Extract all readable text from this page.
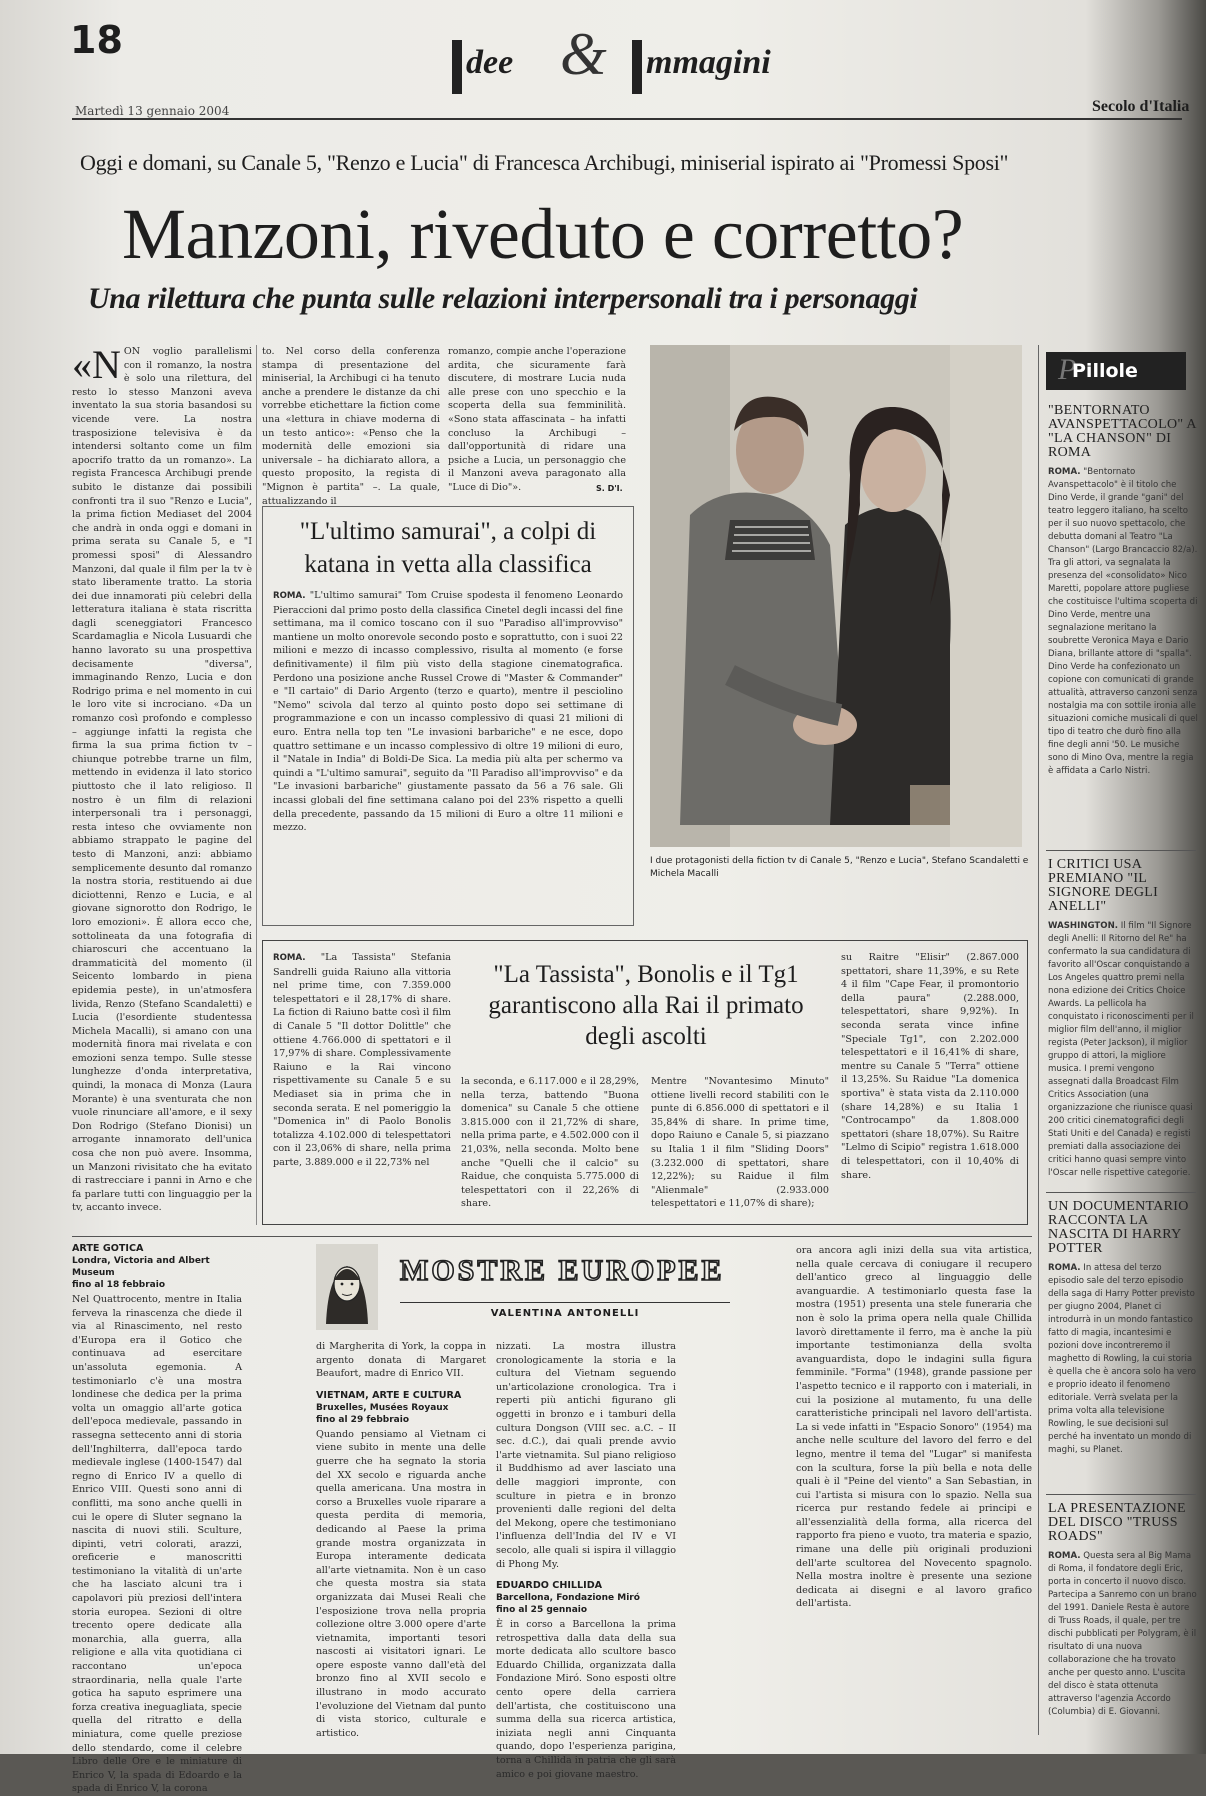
18
dee & mmagini
Martedì 13 gennaio 2004	Secolo d'Italia
Oggi e domani, su Canale 5, "Renzo e Lucia" di Francesca Archibugi, miniserial ispirato ai "Promessi Sposi"
Manzoni, riveduto e corretto?
Una rilettura che punta sulle relazioni interpersonali tra i personaggi
«N ON voglio parallelismi con il romanzo, la nostra è solo una rilettura, del resto lo stesso Manzoni aveva inventato la sua storia basandosi su vicende vere. La nostra trasposizione televisiva è da intendersi soltanto come un film apocrifo tratto da un romanzo». La regista Francesca Archibugi prende subito le distanze dai possibili confronti tra il suo "Renzo e Lucia", la prima fiction Mediaset del 2004 che andrà in onda oggi e domani in prima serata su Canale 5, e "I promessi sposi" di Alessandro Manzoni, dal quale il film per la tv è stato liberamente tratto. La storia dei due innamorati più celebri della letteratura italiana è stata riscritta dagli sceneggiatori Francesco Scardamaglia e Nicola Lusuardi che hanno lavorato su una prospettiva decisamente "diversa", immaginando Renzo, Lucia e don Rodrigo prima e nel momento in cui le loro vite si incrociano. «Da un romanzo così profondo e complesso – aggiunge infatti la regista che firma la sua prima fiction tv – chiunque potrebbe trarne un film, mettendo in evidenza il lato storico piuttosto che il lato religioso. Il nostro è un film di relazioni interpersonali tra i personaggi, resta inteso che ovviamente non abbiamo strappato le pagine del testo di Manzoni, anzi: abbiamo semplicemente desunto dal romanzo la nostra storia, restituendo ai due diciottenni, Renzo e Lucia, e al giovane signorotto don Rodrigo, le loro emozioni». È allora ecco che, sottolineata da una fotografia di chiaroscuri che accentuano la drammaticità del momento (il Seicento lombardo in piena epidemia peste), in un'atmosfera livida, Renzo (Stefano Scandaletti) e Lucia (l'esordiente studentessa Michela Macalli), si amano con una modernità finora mai rivelata e con emozioni senza tempo. Sulle stesse lunghezze d'onda interpretativa, quindi, la monaca di Monza (Laura Morante) è una sventurata che non vuole rinunciare all'amore, e il sexy Don Rodrigo (Stefano Dionisi) un arrogante innamorato dell'unica cosa che non può avere. Insomma, un Manzoni rivisitato che ha evitato di rastrecciare i panni in Arno e che fa parlare tutti con linguaggio per la tv, accanto invece.
to. Nel corso della conferenza stampa di presentazione del miniserial, la Archibugi ci ha tenuto anche a prendere le distanze da chi vorrebbe etichettare la fiction come una «lettura in chiave moderna di un testo antico»: «Penso che la modernità delle emozioni sia universale – ha dichiarato allora, a questo proposito, la regista di "Mignon è partita" –. La quale, attualizzando il
romanzo, compie anche l'operazione ardita, che sicuramente farà discutere, di mostrare Lucia nuda alle prese con uno specchio e la scoperta della sua femminilità. «Sono stata affascinata – ha infatti concluso la Archibugi – dall'opportunità di ridare una psiche a Lucia, un personaggio che il Manzoni aveva paragonato alla "Luce di Dio"».	S. D'I.
"L'ultimo samurai", a colpi di katana in vetta alla classifica
ROMA. "L'ultimo samurai" Tom Cruise spodesta il fenomeno Leonardo Pieraccioni dal primo posto della classifica Cinetel degli incassi del fine settimana, ma il comico toscano con il suo "Paradiso all'improvviso" mantiene un molto onorevole secondo posto e soprattutto, con i suoi 22 milioni e mezzo di incasso complessivo, risulta al momento (e forse definitivamente) il film più visto della stagione cinematografica. Perdono una posizione anche Russel Crowe di "Master & Commander" e "Il cartaio" di Dario Argento (terzo e quarto), mentre il pesciolino "Nemo" scivola dal terzo al quinto posto dopo sei settimane di programmazione e con un incasso complessivo di quasi 21 milioni di euro. Entra nella top ten "Le invasioni barbariche" e ne esce, dopo quattro settimane e un incasso complessivo di oltre 19 milioni di euro, il "Natale in India" di Boldi-De Sica. La media più alta per schermo va quindi a "L'ultimo samurai", seguito da "Il Paradiso all'improvviso" e da "Le invasioni barbariche" giustamente passato da 56 a 76 sale. Gli incassi globali del fine settimana calano poi del 23% rispetto a quelli della precedente, passando da 15 milioni di Euro a oltre 11 milioni e mezzo.
I due protagonisti della fiction tv di Canale 5, "Renzo e Lucia", Stefano Scandaletti e Michela Macalli
P
Pillole
"BENTORNATO AVANSPETTACOLO" A "LA CHANSON" DI ROMA
ROMA. "Bentornato Avanspettacolo" è il titolo che Dino Verde, il grande "gani" del teatro leggero italiano, ha scelto per il suo nuovo spettacolo, che debutta domani al Teatro "La Chanson" (Largo Brancaccio 82/a). Tra gli attori, va segnalata la presenza del «consolidato» Nico Maretti, popolare attore pugliese che costituisce l'ultima scoperta di Dino Verde, mentre una segnalazione meritano la soubrette Veronica Maya e Dario Diana, brillante attore di "spalla". Dino Verde ha confezionato un copione con comunicati di grande attualità, attraverso canzoni senza nostalgia ma con sottile ironia alle situazioni comiche musicali di quel tipo di teatro che durò fino alla fine degli anni '50. Le musiche sono di Mino Ova, mentre la regia è affidata a Carlo Nistri.
I CRITICI USA PREMIANO "IL SIGNORE DEGLI ANELLI"
WASHINGTON. Il film "Il Signore degli Anelli: Il Ritorno del Re" ha confermato la sua candidatura di favorito all'Oscar conquistando a Los Angeles quattro premi nella nona edizione dei Critics Choice Awards. La pellicola ha conquistato i riconoscimenti per il miglior film dell'anno, il miglior regista (Peter Jackson), il miglior gruppo di attori, la migliore musica. I premi vengono assegnati dalla Broadcast Film Critics Association (una organizzazione che riunisce quasi 200 critici cinematografici degli Stati Uniti e del Canada) e registi premiati dalla associazione dei critici hanno quasi sempre vinto l'Oscar nelle rispettive categorie.
UN DOCUMENTARIO RACCONTA LA NASCITA DI HARRY POTTER
ROMA. In attesa del terzo episodio sale del terzo episodio della saga di Harry Potter previsto per giugno 2004, Planet ci introdurrà in un mondo fantastico fatto di magia, incantesimi e pozioni dove incontreremo il maghetto di Rowling, la cui storia è quella che è ancora solo ha vero e proprio ideato il fenomeno editoriale. Verrà svelata per la prima volta alla televisione Rowling, le sue decisioni sul perché ha inventato un mondo di maghi, su Planet.
LA PRESENTAZIONE DEL DISCO "TRUSS ROADS"
ROMA. Questa sera al Big Mama di Roma, il fondatore degli Eric, porta in concerto il nuovo disco. Partecipa a Sanremo con un brano del 1991. Daniele Resta è autore di Truss Roads, il quale, per tre dischi pubblicati per Polygram, è il risultato di una nuova collaborazione che ha trovato anche per questo anno. L'uscita del disco è stata ottenuta attraverso l'agenzia Accordo (Columbia) di E. Giovanni.
ROMA. "La Tassista" Stefania Sandrelli guida Raiuno alla vittoria nel prime time, con 7.359.000 telespettatori e il 28,17% di share. La fiction di Raiuno batte così il film di Canale 5 "Il dottor Dolittle" che ottiene 4.766.000 di spettatori e il 17,97% di share. Complessivamente Raiuno e la Rai vincono rispettivamente su Canale 5 e su Mediaset sia in prima che in seconda serata. E nel pomeriggio la "Domenica in" di Paolo Bonolis totalizza 4.102.000 di telespettatori con il 23,06% di share, nella prima parte, 3.889.000 e il 22,73% nel
"La Tassista", Bonolis e il Tg1 garantiscono alla Rai il primato degli ascolti
la seconda, e 6.117.000 e il 28,29%, nella terza, battendo "Buona domenica" su Canale 5 che ottiene 3.815.000 con il 21,72% di share, nella prima parte, e 4.502.000 con il 21,03%, nella seconda. Molto bene anche "Quelli che il calcio" su Raidue, che conquista 5.775.000 di telespettatori con il 22,26% di share.
Mentre "Novantesimo Minuto" ottiene livelli record stabiliti con le punte di 6.856.000 di spettatori e il 35,84% di share. In prime time, dopo Raiuno e Canale 5, si piazzano su Italia 1 il film "Sliding Doors" (3.232.000 di spettatori, share 12,22%); su Raidue il film "Alienmale" (2.933.000 telespettatori e 11,07% di share);
su Raitre "Elisir" (2.867.000 spettatori, share 11,39%, e su Rete 4 il film "Cape Fear, il promontorio della paura" (2.288.000, telespettatori, share 9,92%). In seconda serata vince infine "Speciale Tg1", con 2.202.000 telespettatori e il 16,41% di share, mentre su Canale 5 "Terra" ottiene il 13,25%. Su Raidue "La domenica sportiva" è stata vista da 2.110.000 (share 14,28%) e su Italia 1 "Controcampo" da 1.808.000 spettatori (share 18,07%). Su Raitre "Lelmo di Scipio" registra 1.618.000 di telespettatori, con il 10,40% di share.
ARTE GOTICA
Londra, Victoria and Albert Museum
fino al 18 febbraio
Nel Quattrocento, mentre in Italia ferveva la rinascenza che diede il via al Rinascimento, nel resto d'Europa era il Gotico che continuava ad esercitare un'assoluta egemonia. A testimoniarlo c'è una mostra londinese che dedica per la prima volta un omaggio all'arte gotica dell'epoca medievale, passando in rassegna settecento anni di storia dell'Inghilterra, dall'epoca tardo medievale inglese (1400-1547) dal regno di Enrico IV a quello di Enrico VIII. Questi sono anni di conflitti, ma sono anche quelli in cui le opere di Sluter segnano la nascita di nuovi stili. Sculture, dipinti, vetri colorati, arazzi, oreficerie e manoscritti testimoniano la vitalità di un'arte che ha lasciato alcuni tra i capolavori più preziosi dell'intera storia europea. Sezioni di oltre trecento opere dedicate alla monarchia, alla guerra, alla religione e alla vita quotidiana ci raccontano un'epoca straordinaria, nella quale l'arte gotica ha saputo esprimere una forza creativa ineguagliata, specie quella del ritratto e della miniatura, come quelle preziose dello stendardo, come il celebre Libro delle Ore e le miniature di Enrico V, la spada di Edoardo e la spada di Enrico V, la corona
MOSTRE EUROPEE
VALENTINA ANTONELLI
di Margherita di York, la coppa in argento donata di Margaret Beaufort, madre di Enrico VII.
VIETNAM, ARTE E CULTURA
Bruxelles, Musées Royaux
fino al 29 febbraio
Quando pensiamo al Vietnam ci viene subito in mente una delle guerre che ha segnato la storia del XX secolo e riguarda anche quella americana. Una mostra in corso a Bruxelles vuole riparare a questa perdita di memoria, dedicando al Paese la prima grande mostra organizzata in Europa interamente dedicata all'arte vietnamita. Non è un caso che questa mostra sia stata organizzata dai Musei Reali che l'esposizione trova nella propria collezione oltre 3.000 opere d'arte vietnamita, importanti tesori nascosti ai visitatori ignari. Le opere esposte vanno dall'età del bronzo fino al XVII secolo e illustrano in modo accurato l'evoluzione del Vietnam dal punto di vista storico, culturale e artistico.
nizzati. La mostra illustra cronologicamente la storia e la cultura del Vietnam seguendo un'articolazione cronologica. Tra i reperti più antichi figurano gli oggetti in bronzo e i tamburi della cultura Dongson (VIII sec. a.C. – II sec. d.C.), dai quali prende avvio l'arte vietnamita. Sul piano religioso il Buddhismo ad aver lasciato una delle maggiori impronte, con sculture in pietra e in bronzo provenienti dalle regioni del delta del Mekong, opere che testimoniano l'influenza dell'India del IV e VI secolo, alle quali si ispira il villaggio di Phong My.
EDUARDO CHILLIDA
Barcellona, Fondazione Miró
fino al 25 gennaio
È in corso a Barcellona la prima retrospettiva dalla data della sua morte dedicata allo scultore basco Eduardo Chillida, organizzata dalla Fondazione Miró. Sono esposti oltre cento opere della carriera dell'artista, che costituiscono una summa della sua ricerca artistica, iniziata negli anni Cinquanta quando, dopo l'esperienza parigina, torna a Chillida in patria che gli sarà amico e poi giovane maestro.
ora ancora agli inizi della sua vita artistica, nella quale cercava di coniugare il recupero dell'antico greco al linguaggio delle avanguardie. A testimoniarlo questa fase la mostra (1951) presenta una stele funeraria che non è solo la prima opera nella quale Chillida lavorò direttamente il ferro, ma è anche la più importante testimonianza della svolta avanguardista, dopo le indagini sulla figura femminile. "Forma" (1948), grande passione per l'aspetto tecnico e il rapporto con i materiali, in cui la posizione al mutamento, fu una delle caratteristiche principali nel lavoro dell'artista. La si vede infatti in "Espacio Sonoro" (1954) ma anche nelle sculture del lavoro del ferro e del legno, mentre il tema del "Lugar" si manifesta con la scultura, forse la più bella e nota delle quali è il "Peine del viento" a San Sebastian, in cui l'artista si misura con lo spazio. Nella sua ricerca pur restando fedele ai principi e all'essenzialità della forma, alla ricerca del rapporto fra pieno e vuoto, tra materia e spazio, rimane una delle più originali produzioni dell'arte scultorea del Novecento spagnolo. Nella mostra inoltre è presente una sezione dedicata ai disegni e al lavoro grafico dell'artista.
